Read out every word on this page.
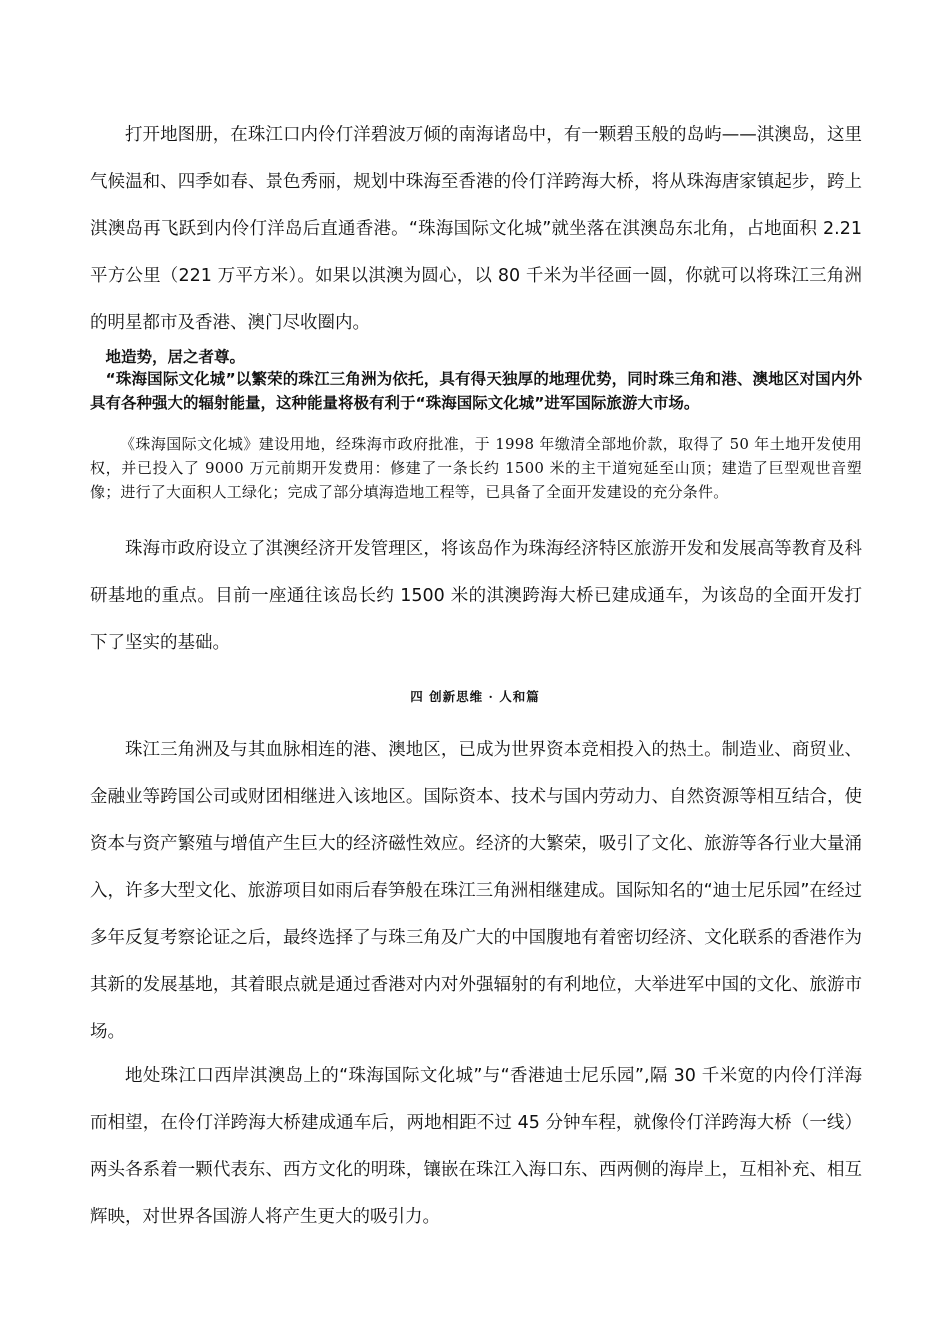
打开地图册，在珠江口内伶仃洋碧波万倾的南海诸岛中，有一颗碧玉般的岛屿——淇澳岛，这里气候温和、四季如春、景色秀丽，规划中珠海至香港的伶仃洋跨海大桥，将从珠海唐家镇起步，跨上淇澳岛再飞跃到内伶仃洋岛后直通香港。“珠海国际文化城”就坐落在淇澳岛东北角，占地面积 2.21 平方公里（221 万平方米）。如果以淇澳为圆心，以 80 千米为半径画一圆，你就可以将珠江三角洲的明星都市及香港、澳门尽收圈内。

地造势，居之者尊。

“珠海国际文化城”以繁荣的珠江三角洲为依托，具有得天独厚的地理优势，同时珠三角和港、澳地区对国内外具有各种强大的辐射能量，这种能量将极有利于“珠海国际文化城”进军国际旅游大市场。

《珠海国际文化城》建设用地，经珠海市政府批准，于 1998 年缴清全部地价款，取得了 50 年土地开发使用权，并已投入了 9000 万元前期开发费用：修建了一条长约 1500 米的主干道宛延至山顶；建造了巨型观世音塑像；进行了大面积人工绿化；完成了部分填海造地工程等，已具备了全面开发建设的充分条件。

珠海市政府设立了淇澳经济开发管理区，将该岛作为珠海经济特区旅游开发和发展高等教育及科研基地的重点。目前一座通往该岛长约 1500 米的淇澳跨海大桥已建成通车，为该岛的全面开发打下了坚实的基础。

四 创新思维 · 人和篇

珠江三角洲及与其血脉相连的港、澳地区，已成为世界资本竞相投入的热土。制造业、商贸业、金融业等跨国公司或财团相继进入该地区。国际资本、技术与国内劳动力、自然资源等相互结合，使资本与资产繁殖与增值产生巨大的经济磁性效应。经济的大繁荣，吸引了文化、旅游等各行业大量涌入，许多大型文化、旅游项目如雨后春笋般在珠江三角洲相继建成。国际知名的“迪士尼乐园”在经过多年反复考察论证之后，最终选择了与珠三角及广大的中国腹地有着密切经济、文化联系的香港作为其新的发展基地，其着眼点就是通过香港对内对外强辐射的有利地位，大举进军中国的文化、旅游市场。

地处珠江口西岸淇澳岛上的“珠海国际文化城”与“香港迪士尼乐园”,隔 30 千米宽的内伶仃洋海而相望，在伶仃洋跨海大桥建成通车后，两地相距不过 45 分钟车程，就像伶仃洋跨海大桥（一线）两头各系着一颗代表东、西方文化的明珠，镶嵌在珠江入海口东、西两侧的海岸上，互相补充、相互辉映，对世界各国游人将产生更大的吸引力。
